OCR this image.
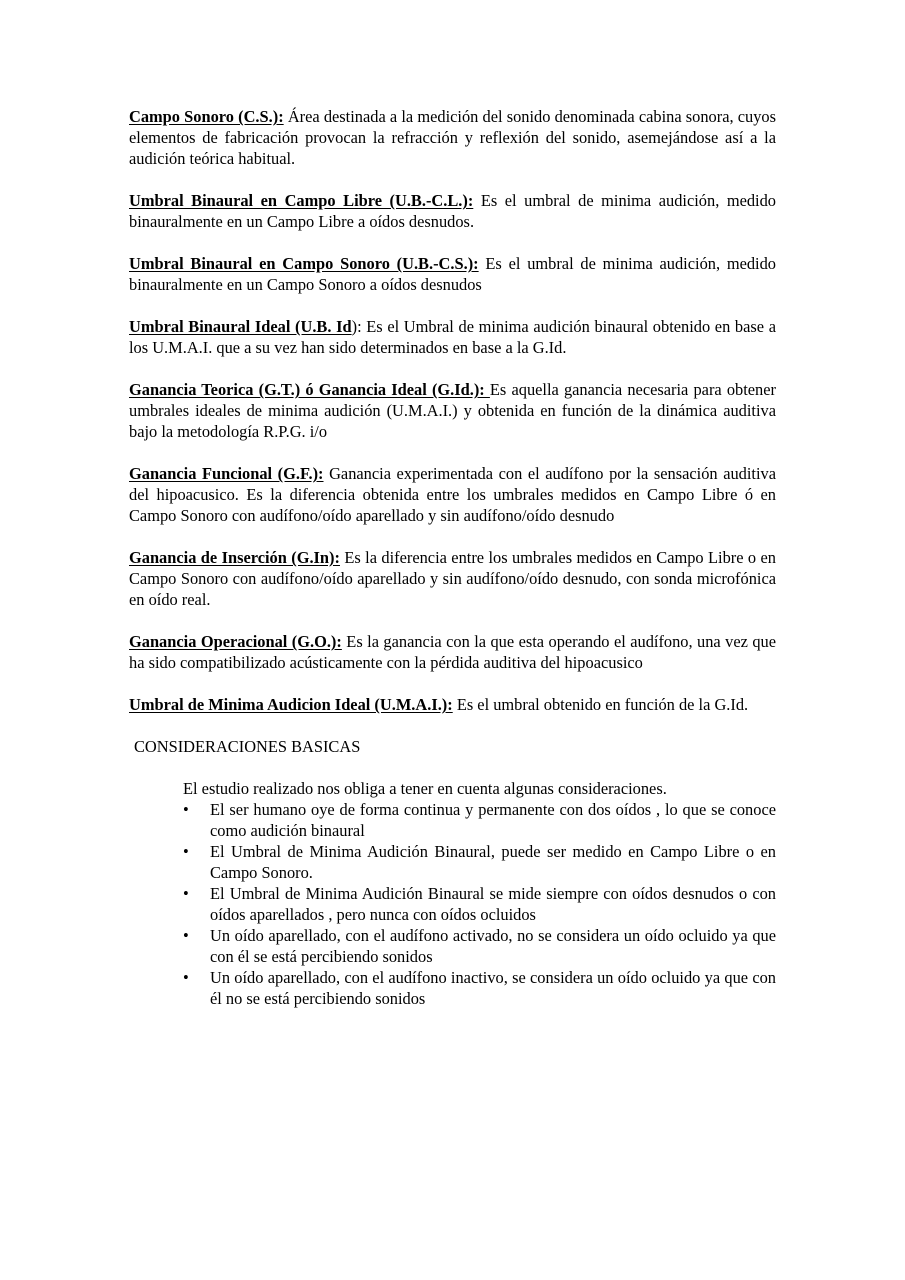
Campo Sonoro (C.S.): Área destinada a la medición del sonido denominada cabina sonora, cuyos elementos de fabricación provocan la refracción y reflexión del sonido, asemejándose así a la audición teórica habitual.

Umbral Binaural en Campo Libre (U.B.-C.L.): Es el umbral de minima audición, medido binauralmente en un Campo Libre a oídos desnudos.

Umbral Binaural en Campo Sonoro (U.B.-C.S.): Es el umbral de minima audición, medido binauralmente en un Campo Sonoro a oídos desnudos

Umbral Binaural Ideal (U.B. Id): Es el Umbral de minima audición binaural obtenido en base a los U.M.A.I. que a su vez han sido determinados en base a la G.Id.

Ganancia Teorica (G.T.) ó Ganancia Ideal (G.Id.): Es aquella ganancia necesaria para obtener umbrales ideales de minima audición (U.M.A.I.) y obtenida en función de la dinámica auditiva bajo la metodología R.P.G. i/o

Ganancia Funcional (G.F.): Ganancia experimentada con el audífono por la sensación auditiva del hipoacusico. Es la diferencia obtenida entre los umbrales medidos en Campo Libre ó en Campo Sonoro con audífono/oído aparellado y sin audífono/oído desnudo

Ganancia de Inserción (G.In): Es la diferencia entre los umbrales medidos en Campo Libre o en Campo Sonoro con audífono/oído aparellado y sin audífono/oído desnudo, con sonda microfónica en oído real.

Ganancia Operacional (G.O.): Es la ganancia con la que esta operando el audífono, una vez que ha sido compatibilizado acústicamente con la pérdida auditiva del hipoacusico

Umbral de Minima Audicion Ideal (U.M.A.I.): Es el umbral obtenido en función de la G.Id.

CONSIDERACIONES BASICAS

El estudio realizado nos obliga a tener en cuenta algunas consideraciones.

•	El ser humano oye de forma continua y permanente con dos oídos , lo que se conoce como audición binaural
•	El Umbral de Minima Audición Binaural, puede ser medido en Campo Libre o en Campo Sonoro.
•	El Umbral de Minima Audición Binaural se mide siempre con oídos desnudos o con oídos aparellados , pero nunca con oídos ocluidos
•	Un oído aparellado, con el audífono activado, no se considera un oído ocluido ya que con él se está percibiendo sonidos
•	Un oído aparellado, con el audífono inactivo, se considera un oído ocluido ya que con él no se está percibiendo sonidos
